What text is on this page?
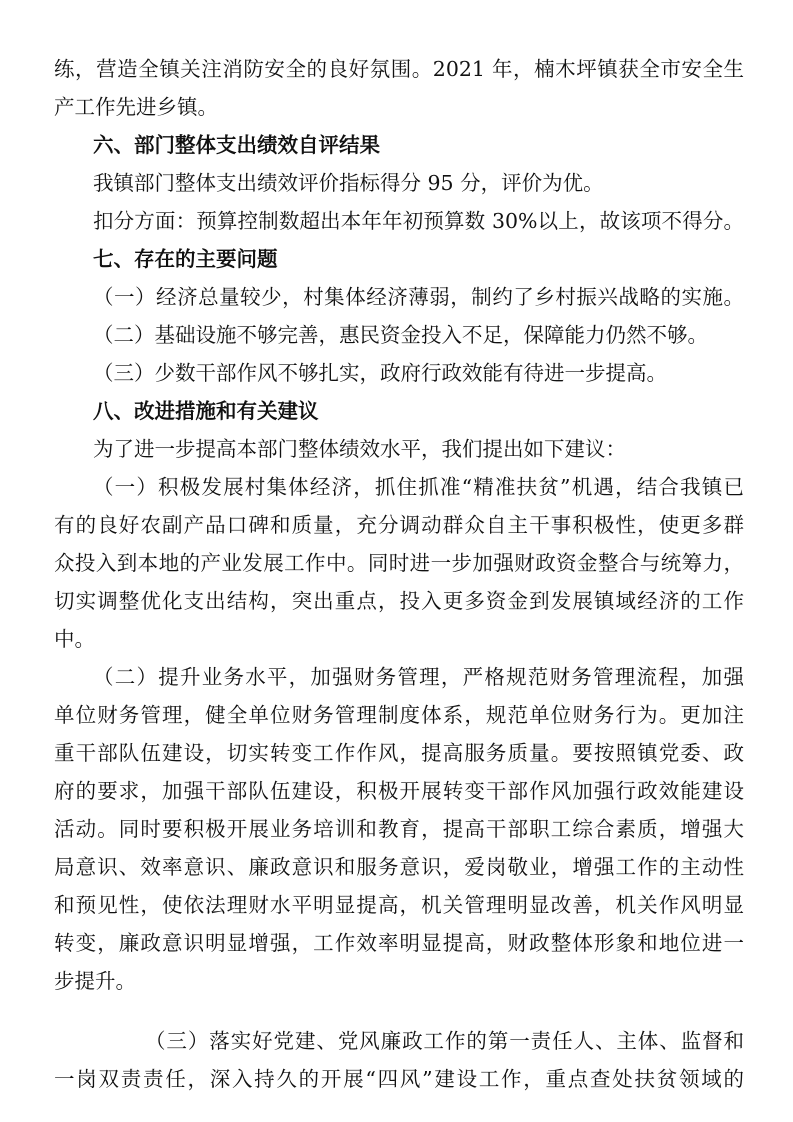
练，营造全镇关注消防安全的良好氛围。2021 年，楠木坪镇获全市安全生
产工作先进乡镇。
六、部门整体支出绩效自评结果
我镇部门整体支出绩效评价指标得分 95 分，评价为优。
扣分方面：预算控制数超出本年年初预算数 30%以上，故该项不得分。
七、存在的主要问题
（一）经济总量较少，村集体经济薄弱，制约了乡村振兴战略的实施。
（二）基础设施不够完善，惠民资金投入不足，保障能力仍然不够。
（三）少数干部作风不够扎实，政府行政效能有待进一步提高。
八、改进措施和有关建议
为了进一步提高本部门整体绩效水平，我们提出如下建议：
（一）积极发展村集体经济，抓住抓准“精准扶贫”机遇，结合我镇已
有的良好农副产品口碑和质量，充分调动群众自主干事积极性，使更多群
众投入到本地的产业发展工作中。同时进一步加强财政资金整合与统筹力，
切实调整优化支出结构，突出重点，投入更多资金到发展镇域经济的工作
中。
（二）提升业务水平，加强财务管理，严格规范财务管理流程，加强
单位财务管理，健全单位财务管理制度体系，规范单位财务行为。更加注
重干部队伍建设，切实转变工作作风，提高服务质量。要按照镇党委、政
府的要求，加强干部队伍建设，积极开展转变干部作风加强行政效能建设
活动。同时要积极开展业务培训和教育，提高干部职工综合素质，增强大
局意识、效率意识、廉政意识和服务意识，爱岗敬业，增强工作的主动性
和预见性，使依法理财水平明显提高，机关管理明显改善，机关作风明显
转变，廉政意识明显增强，工作效率明显提高，财政整体形象和地位进一
步提升。
（三）落实好党建、党风廉政工作的第一责任人、主体、监督和
一岗双责责任，深入持久的开展“四风”建设工作，重点查处扶贫领域的
